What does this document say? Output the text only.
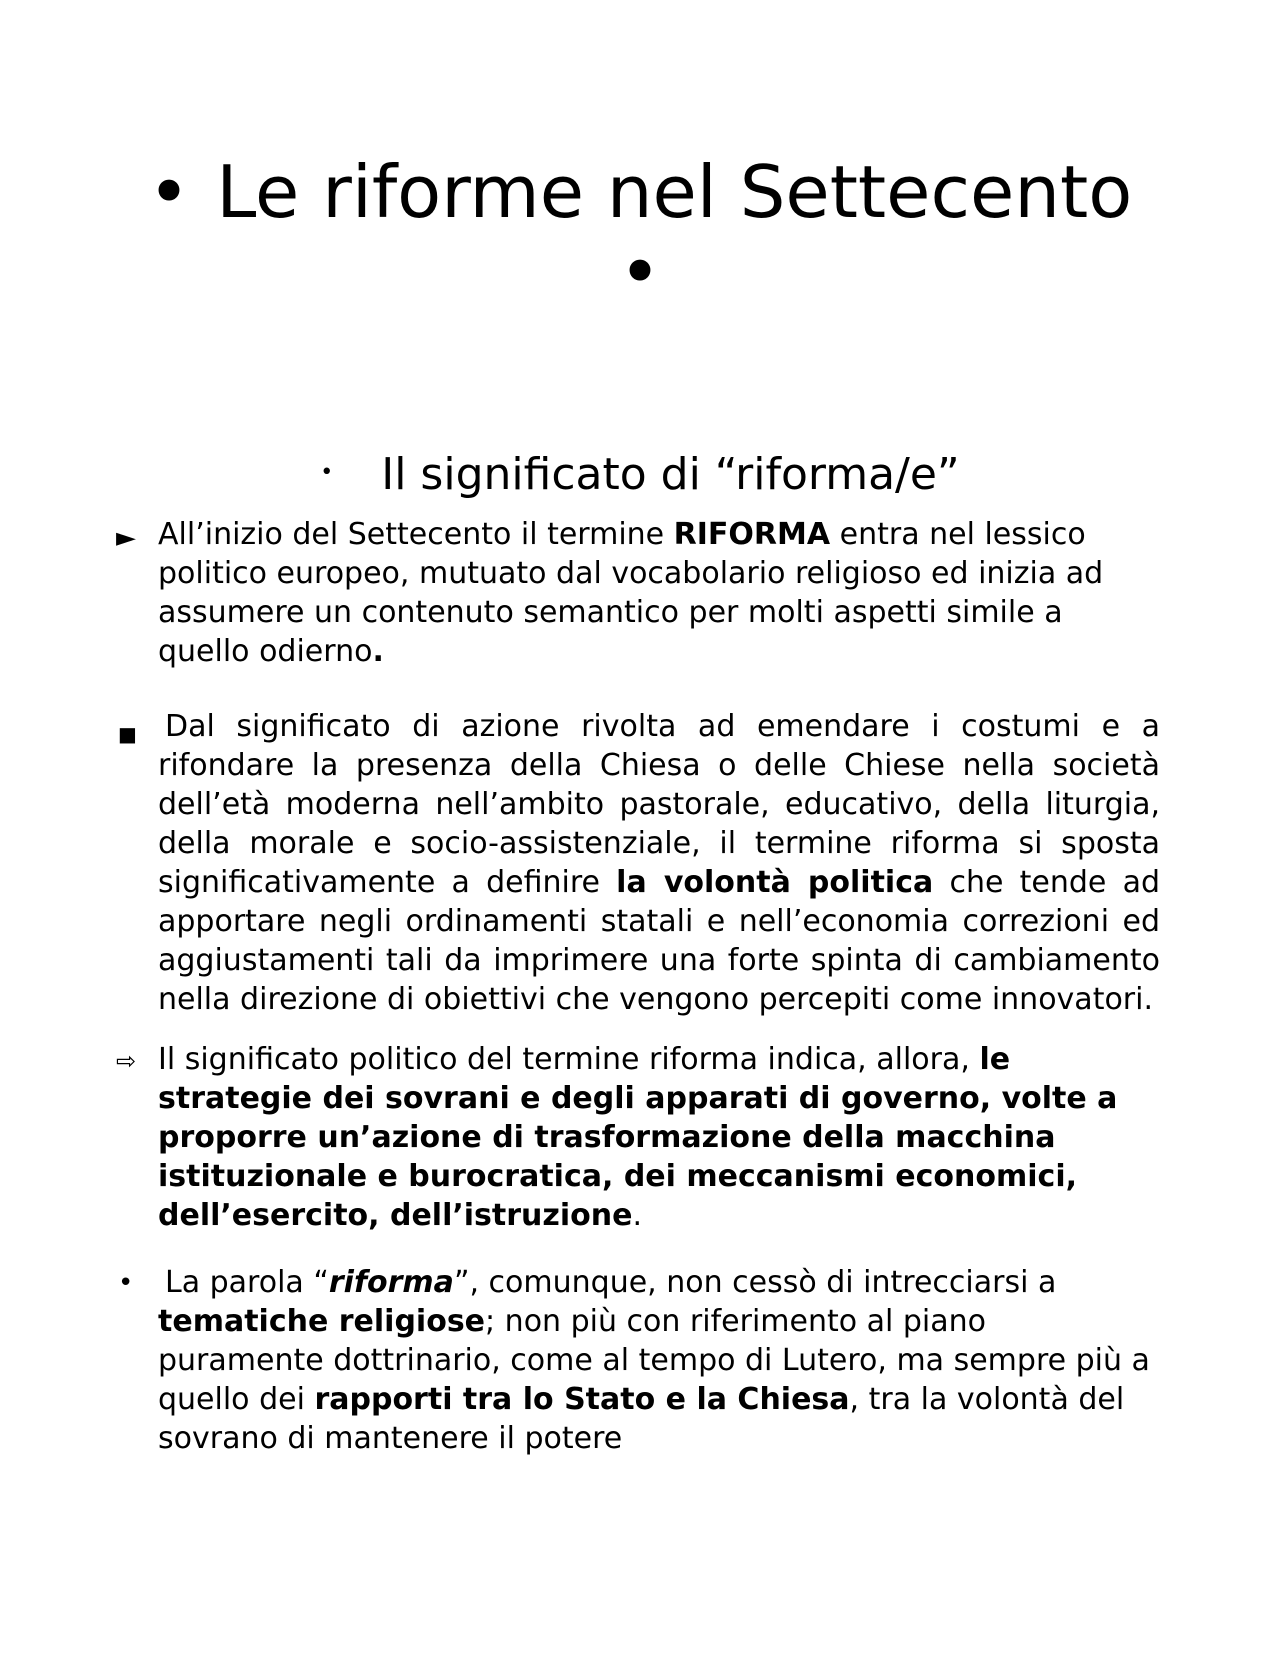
• Le riforme nel Settecento
•
• Il significato di “riforma/e”
► All’inizio del Settecento il termine RIFORMA entra nel lessico politico europeo, mutuato dal vocabolario religioso ed inizia ad assumere un contenuto semantico per molti aspetti simile a quello odierno.

■ Dal significato di azione rivolta ad emendare i costumi e a rifondare la presenza della Chiesa o delle Chiese nella società dell’età moderna nell’ambito pastorale, educativo, della liturgia, della morale e socio-assistenziale, il termine riforma si sposta significativamente a definire la volontà politica che tende ad apportare negli ordinamenti statali e nell’economia correzioni ed aggiustamenti tali da imprimere una forte spinta di cambiamento nella direzione di obiettivi che vengono percepiti come innovatori.

⇨ Il significato politico del termine riforma indica, allora, le strategie dei sovrani e degli apparati di governo, volte a proporre un’azione di trasformazione della macchina istituzionale e burocratica, dei meccanismi economici, dell’esercito, dell’istruzione.

• La parola “riforma”, comunque, non cessò di intrecciarsi a tematiche religiose; non più con riferimento al piano puramente dottrinario, come al tempo di Lutero, ma sempre più a quello dei rapporti tra lo Stato e la Chiesa, tra la volontà del sovrano di mantenere il potere
